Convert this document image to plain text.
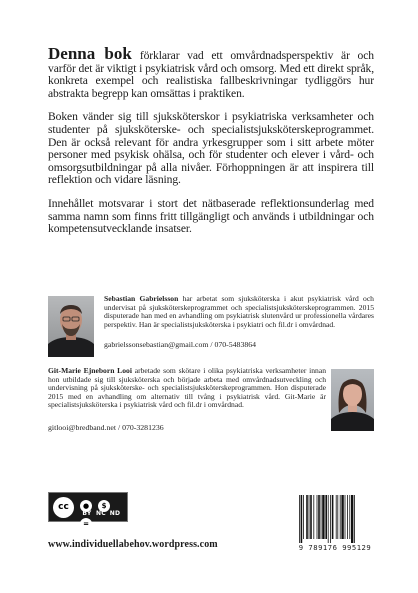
Denna bok förklarar vad ett omvårdnadsperspektiv är och varför det är viktigt i psykiatrisk vård och omsorg. Med ett direkt språk, konkreta exempel och realistiska fallbeskrivningar tydliggörs hur abstrakta begrepp kan omsättas i praktiken.

Boken vänder sig till sjuksköterskor i psykiatriska verksamheter och studenter på sjuksköterske- och specialistsjuksköterskeprogrammet. Den är också relevant för andra yrkesgrupper som i sitt arbete möter personer med psykisk ohälsa, och för studenter och elever i vård- och omsorgsutbildningar på alla nivåer. Förhoppningen är att inspirera till reflektion och vidare läsning.

Innehållet motsvarar i stort det nätbaserade reflektionsunderlag med samma namn som finns fritt tillgängligt och används i utbildningar och kompetensutvecklande insatser.

Sebastian Gabrielsson har arbetat som sjuksköterska i akut psykiatrisk vård och undervisat på sjuksköterskeprogrammet och specialistsjuksköterskeprogrammen. 2015 disputerade han med en avhandling om psykiatrisk slutenvård ur professionella vårdares perspektiv. Han är specialistsjuksköterska i psykiatri och fil.dr i omvårdnad.
gabrielssonsebastian@gmail.com / 070-5483864
Git-Marie Ejneborn Looi arbetade som skötare i olika psykiatriska verksamheter innan hon utbildade sig till sjuksköterska och började arbeta med omvårdnadsutveckling och undervisning på sjuksköterske- och specialistsjuksköterskeprogrammen. Hon disputerade 2015 med en avhandling om alternativ till tvång i psykiatrisk vård. Git-Marie är specialistsjuksköterska i psykiatrisk vård och fil.dr i omvårdnad.
gitlooi@bredband.net / 070-3281236
cc	● $ =
BY NC ND
www.individuellabehov.wordpress.com	9 789176 995129
